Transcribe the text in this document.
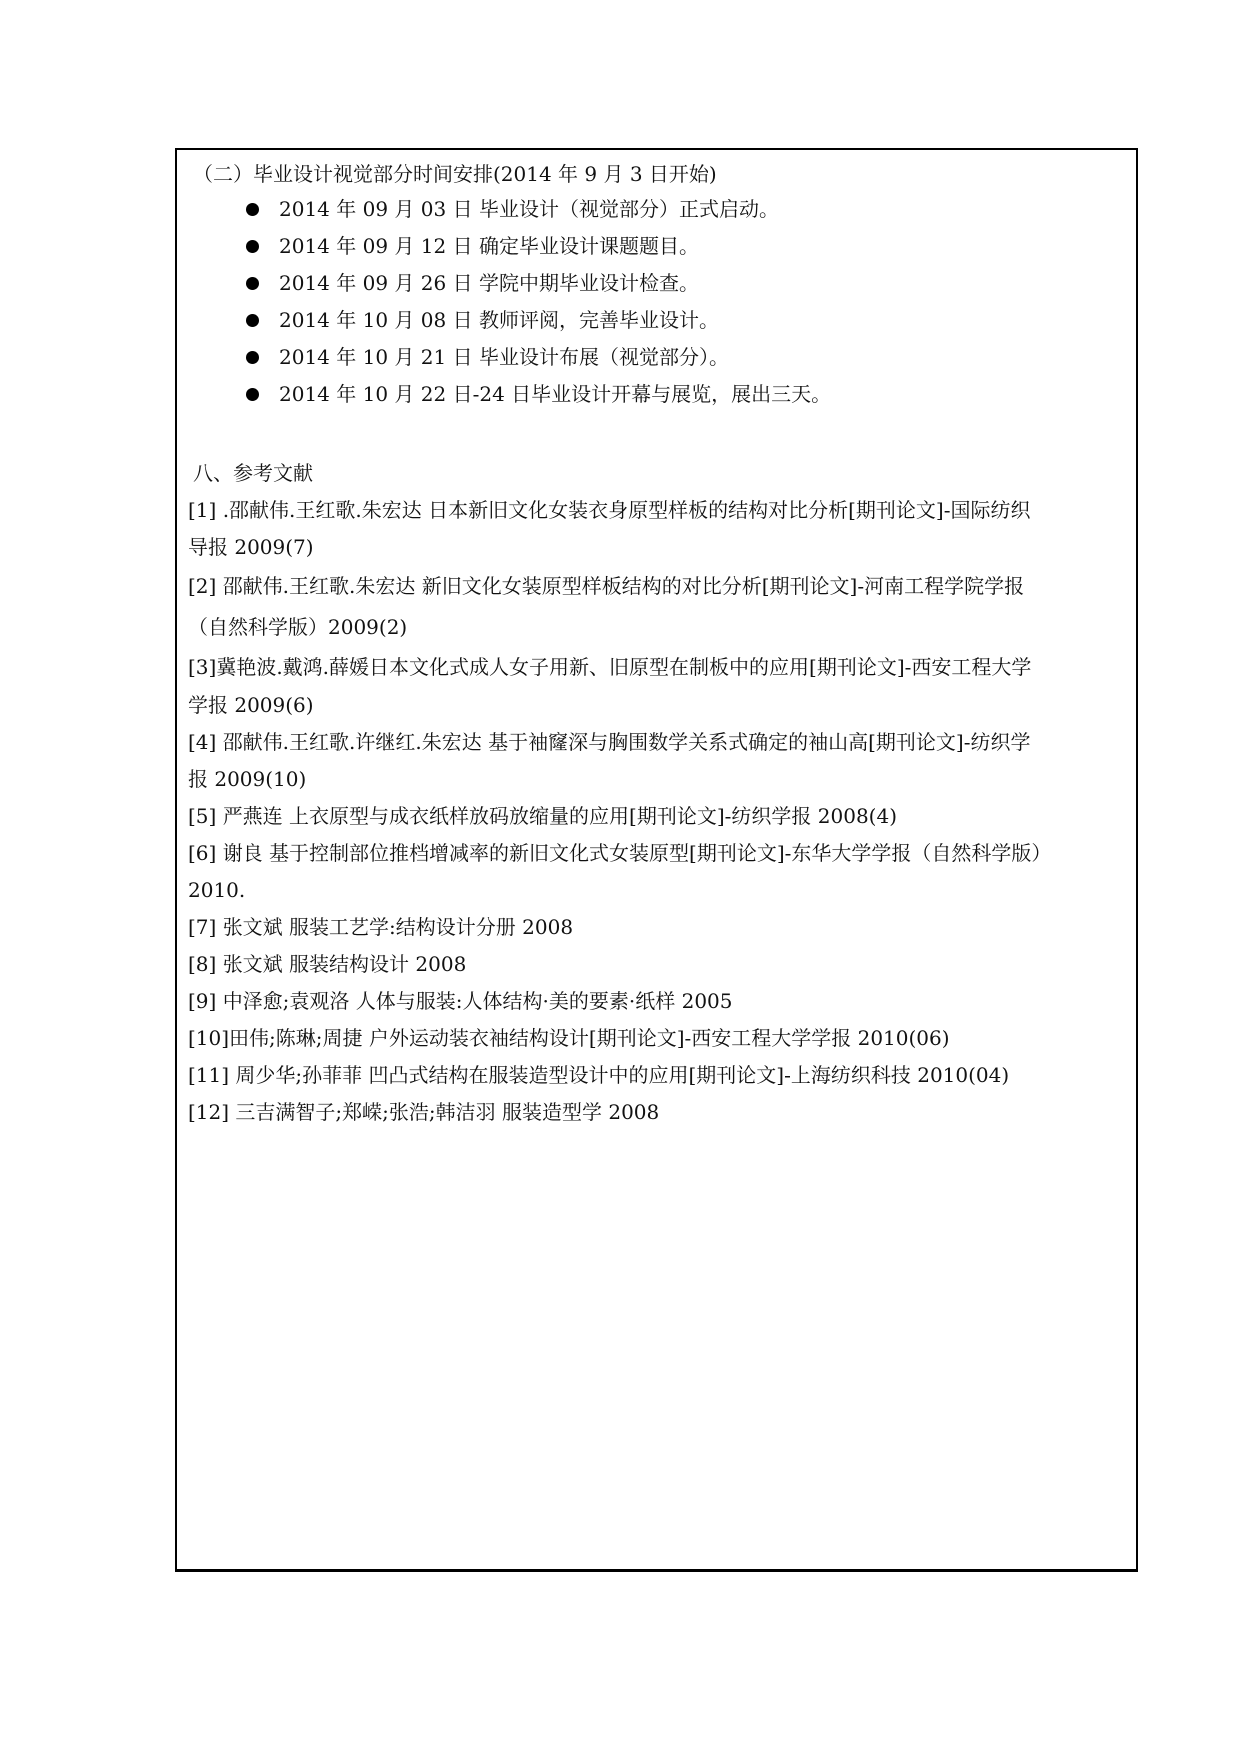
（二）毕业设计视觉部分时间安排(2014 年 9 月 3 日开始)
2014 年 09 月 03 日 毕业设计（视觉部分）正式启动。
2014 年 09 月 12 日 确定毕业设计课题题目。
2014 年 09 月 26 日 学院中期毕业设计检查。
2014 年 10 月 08 日 教师评阅，完善毕业设计。
2014 年 10 月 21 日 毕业设计布展（视觉部分）。
2014 年 10 月 22 日-24 日毕业设计开幕与展览，展出三天。
八、参考文献
[1] .邵献伟.王红歌.朱宏达 日本新旧文化女装衣身原型样板的结构对比分析[期刊论文]-国际纺织
导报 2009(7)
[2] 邵献伟.王红歌.朱宏达 新旧文化女装原型样板结构的对比分析[期刊论文]-河南工程学院学报
（自然科学版）2009(2)
[3]冀艳波.戴鸿.薛媛日本文化式成人女子用新、旧原型在制板中的应用[期刊论文]-西安工程大学
学报 2009(6)
[4] 邵献伟.王红歌.许继红.朱宏达 基于袖窿深与胸围数学关系式确定的袖山高[期刊论文]-纺织学
报 2009(10)
[5] 严燕连 上衣原型与成衣纸样放码放缩量的应用[期刊论文]-纺织学报 2008(4)
[6] 谢良 基于控制部位推档增减率的新旧文化式女装原型[期刊论文]-东华大学学报（自然科学版）
2010.
[7] 张文斌 服装工艺学:结构设计分册 2008
[8] 张文斌 服装结构设计 2008
[9] 中泽愈;袁观洛 人体与服装:人体结构·美的要素·纸样 2005
[10]田伟;陈琳;周捷 户外运动装衣袖结构设计[期刊论文]-西安工程大学学报 2010(06)
[11] 周少华;孙菲菲 凹凸式结构在服装造型设计中的应用[期刊论文]-上海纺织科技 2010(04)
[12] 三吉满智子;郑嵘;张浩;韩洁羽 服装造型学 2008
